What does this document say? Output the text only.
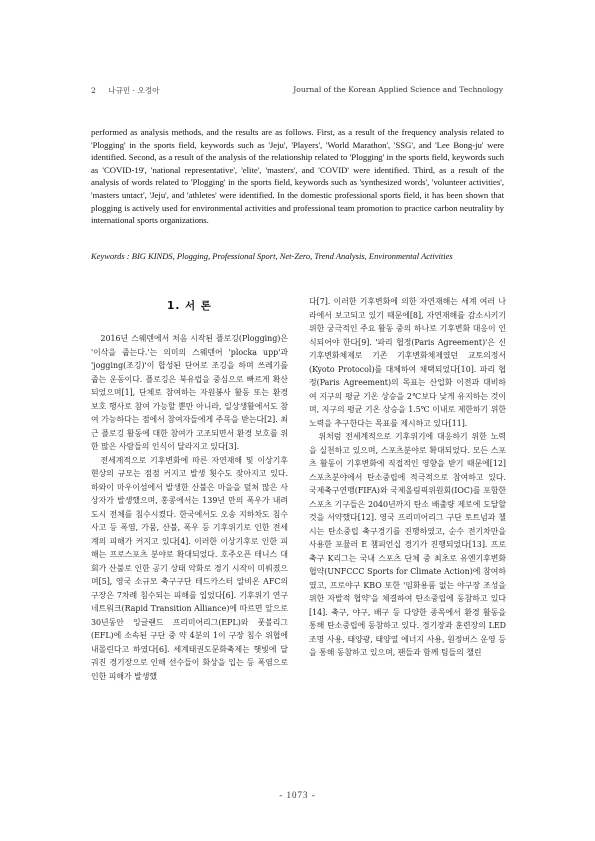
2 나규민 · 오정아	Journal of the Korean Applied Science and Technology

performed as analysis methods, and the results are as follows. First, as a result of the frequency analysis related to 'Plogging' in the sports field, keywords such as 'Jeju', 'Players', 'World Marathon', 'SSG', and 'Lee Bong-ju' were identified. Second, as a result of the analysis of the relationship related to 'Plogging' in the sports field, keywords such as 'COVID-19', 'national representative', 'elite', 'masters', and 'COVID' were identified. Third, as a result of the analysis of words related to 'Plogging' in the sports field, keywords such as 'synthesized words', 'volunteer activities', 'masters untact', 'Jeju', and 'athletes' were identified. In the domestic professional sports field, it has been shown that plogging is actively used for environmental activities and professional team promotion to practice carbon neutrality by international sports organizations.

Keywords : BIG KINDS, Plogging, Professional Sport, Net-Zero, Trend Analysis, Environmental Activities

1. 서 론

2016년 스웨덴에서 처음 시작된 플로깅(Plogging)은 '이삭을 줍는다.'는 의미의 스웨덴어 'plocka upp'과 'jogging(조깅)'이 합성된 단어로 조깅을 하며 쓰레기를 줍는 운동이다. 플로깅은 북유럽을 중심으로 빠르게 확산되었으며[1], 단체로 참여하는 자원봉사 활동 또는 환경 보호 행사로 참여 가능할 뿐만 아니라, 일상생활에서도 참여 가능하다는 점에서 참여자들에게 주목을 받는다[2]. 최근 플로깅 활동에 대한 참여가 고조되면서 환경 보호를 위한 많은 사람들의 인식이 달라지고 있다[3].

전세계적으로 기후변화에 따른 자연재해 및 이상기후 현상의 규모는 점점 커지고 발생 횟수도 잦아지고 있다. 하와이 마우이섬에서 발생한 산불은 마을을 덮쳐 많은 사상자가 발생했으며, 홍콩에서는 139년 만의 폭우가 내려 도시 전체를 침수시켰다. 한국에서도 오송 지하차도 침수사고 등 폭염, 가뭄, 산불, 폭우 등 기후위기로 인한 전세계의 피해가 커지고 있다[4]. 이러한 이상기후로 인한 피해는 프로스포츠 분야로 확대되었다. 호주오픈 테니스 대회가 산불로 인한 공기 상태 악화로 경기 시작이 미뤄졌으며[5], 영국 소규모 축구구단 테드카스터 알비온 AFC의 구장은 7차례 침수되는 피해를 입었다[6]. 기후위기 연구 네트워크(Rapid Transition Alliance)에 따르면 앞으로 30년동안 잉글랜드 프리미어리그(EPL)와 풋볼리그(EFL)에 소속된 구단 중 약 4분의 1이 구장 침수 위협에 내몰린다고 하였다[6]. 세계태권도문화축제는 햇빛에 달궈진 경기장으로 인해 선수들이 화상을 입는 등 폭염으로 인한 피해가 발생했

다[7]. 이러한 기후변화에 의한 자연재해는 세계 여러 나라에서 보고되고 있기 때문에[8], 자연재해를 감소시키기 위한 궁극적인 주요 활동 중의 하나로 기후변화 대응이 인식되어야 한다[9]. '파리 협정(Paris Agreement)'은 신기후변화체제로 기존 기후변화체제였던 교토의정서(Kyoto Protocol)를 대체하여 채택되었다[10]. 파리 협정(Paris Agreement)의 목표는 산업화 이전과 대비하여 지구의 평균 기온 상승을 2℃보다 낮게 유지하는 것이며, 지구의 평균 기온 상승을 1.5℃ 이내로 제한하기 위한 노력을 추구한다는 목표를 제시하고 있다[11].

위처럼 전세계적으로 기후위기에 대응하기 위한 노력을 실천하고 있으며, 스포츠분야로 확대되었다. 모든 스포츠 활동이 기후변화에 직접적인 영향을 받기 때문에[12] 스포츠분야에서 탄소중립에 적극적으로 참여하고 있다. 국제축구연맹(FIFA)와 국제올림픽위원회(IOC)를 포함한 스포츠 기구들은 2040년까지 탄소 배출량 제로에 도달할 것을 서약했다[12]. 영국 프리미어리그 구단 토트넘과 첼시는 탄소중립 축구경기를 진행하였고, 순수 전기차만을 사용한 포뮬러 E 챔피언십 경기가 진행되었다[13]. 프로축구 K리그는 국내 스포츠 단체 중 최초로 유엔기후변화협약(UNFCCC Sports for Climate Action)에 참여하였고, 프로야구 KBO 또한 '임화용품 없는 야구장 조성을 위한 자발적 협약'을 체결하여 탄소중립에 동참하고 있다[14]. 축구, 야구, 배구 등 다양한 종목에서 환경 활동을 통해 탄소중립에 동참하고 있다. 경기장과 훈련장의 LED 조명 사용, 태양광, 태양열 에너지 사용, 원정버스 운영 등을 통해 동참하고 있으며, 팬들과 함께 팀들의 챌린

- 1073 -
